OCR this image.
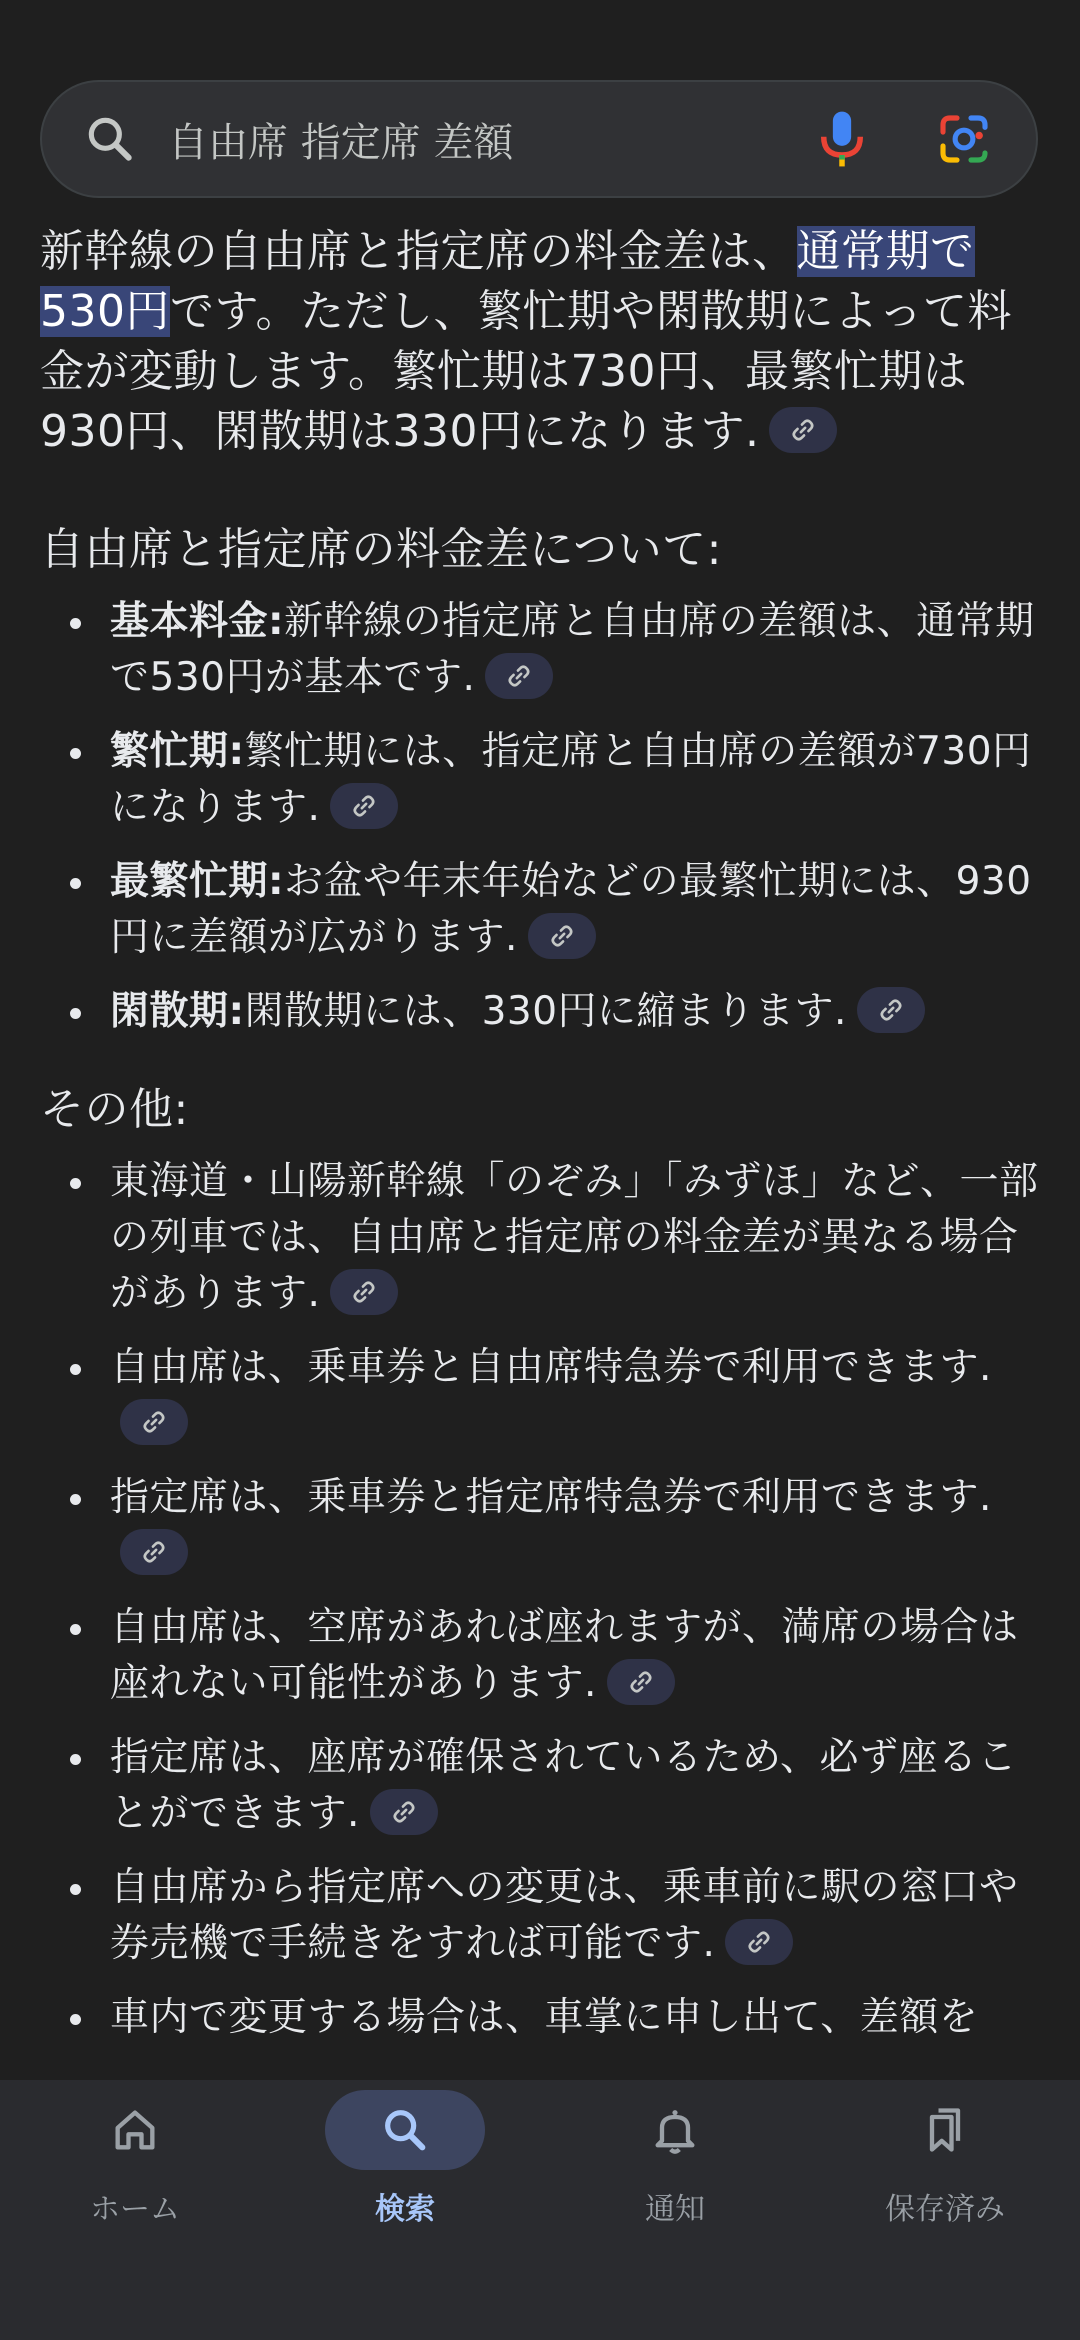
自由席 指定席 差額

新幹線の自由席と指定席の料金差は、通常期で530円です。ただし、繁忙期や閑散期によって料金が変動します。繁忙期は730円、最繁忙期は930円、閑散期は330円になります.

自由席と指定席の料金差について:
基本料金:新幹線の指定席と自由席の差額は、通常期で530円が基本です.
繁忙期:繁忙期には、指定席と自由席の差額が730円になります.
最繁忙期:お盆や年末年始などの最繁忙期には、930円に差額が広がります.
閑散期:閑散期には、330円に縮まります.
その他:
東海道・山陽新幹線「のぞみ」「みずほ」など、一部の列車では、自由席と指定席の料金差が異なる場合があります.
自由席は、乗車券と自由席特急券で利用できます.
指定席は、乗車券と指定席特急券で利用できます.
自由席は、空席があれば座れますが、満席の場合は座れない可能性があります.
指定席は、座席が確保されているため、必ず座ることができます.
自由席から指定席への変更は、乗車前に駅の窓口や券売機で手続きをすれば可能です.
車内で変更する場合は、車掌に申し出て、差額を
ホーム	検索	通知	保存済み
